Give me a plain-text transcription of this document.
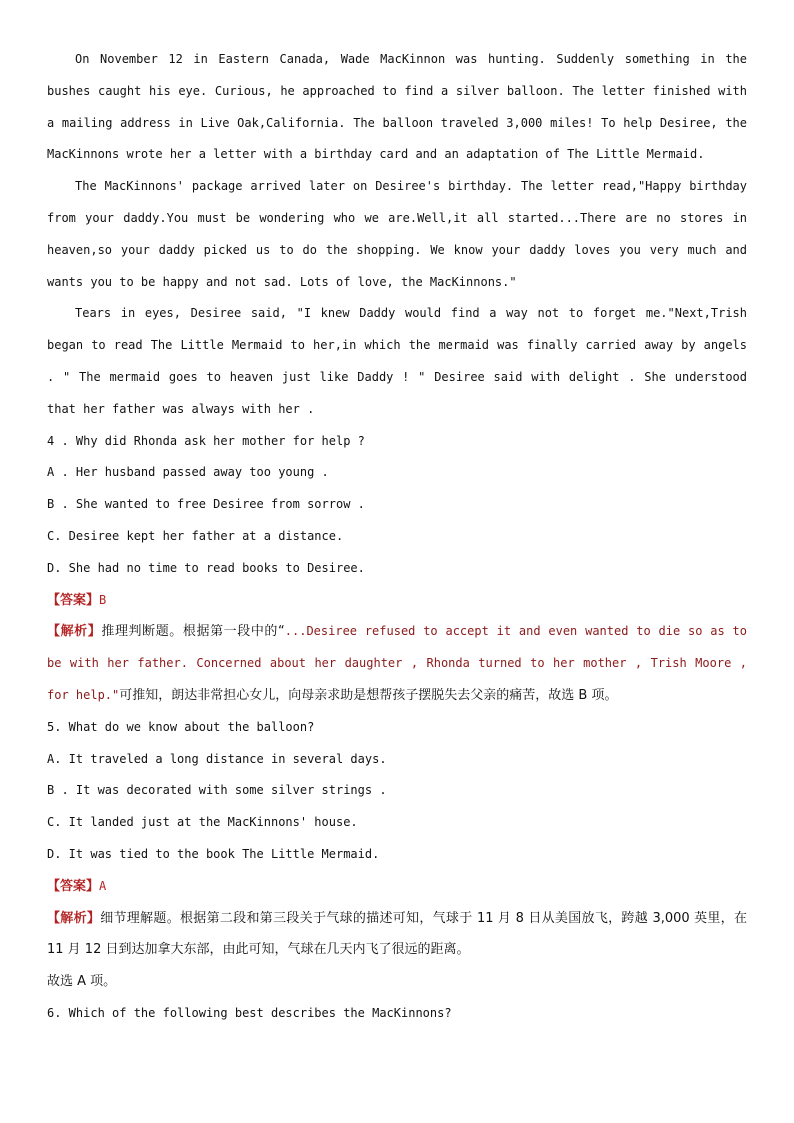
On November 12 in Eastern Canada, Wade MacKinnon was hunting. Suddenly something in the bushes caught his eye. Curious, he approached to find a silver balloon. The letter finished with a mailing address in Live Oak,California. The balloon traveled 3,000 miles! To help Desiree, the MacKinnons wrote her a letter with a birthday card and an adaptation of The Little Mermaid.

The MacKinnons' package arrived later on Desiree's birthday. The letter read,"Happy birthday from your daddy.You must be wondering who we are.Well,it all started...There are no stores in heaven,so your daddy picked us to do the shopping. We know your daddy loves you very much and wants you to be happy and not sad. Lots of love, the MacKinnons."

Tears in eyes, Desiree said, "I knew Daddy would find a way not to forget me."Next,Trish began to read The Little Mermaid to her,in which the mermaid was finally carried away by angels . " The mermaid goes to heaven just like Daddy ! " Desiree said with delight . She understood that her father was always with her .

4 . Why did Rhonda ask her mother for help ?

A . Her husband passed away too young .

B . She wanted to free Desiree from sorrow .

C. Desiree kept her father at a distance.

D. She had no time to read books to Desiree.

【答案】B

【解析】推理判断题。根据第一段中的“...Desiree refused to accept it and even wanted to die so as to be with her father. Concerned about her daughter , Rhonda turned to her mother , Trish Moore , for help."可推知，朗达非常担心女儿，向母亲求助是想帮孩子摆脱失去父亲的痛苦，故选 B 项。

5. What do we know about the balloon?

A. It traveled a long distance in several days.

B . It was decorated with some silver strings .

C. It landed just at the MacKinnons' house.

D. It was tied to the book The Little Mermaid.

【答案】A

【解析】细节理解题。根据第二段和第三段关于气球的描述可知，气球于 11 月 8 日从美国放飞，跨越 3,000 英里，在 11 月 12 日到达加拿大东部，由此可知，气球在几天内飞了很远的距离。

故选 A 项。

6. Which of the following best describes the MacKinnons?
